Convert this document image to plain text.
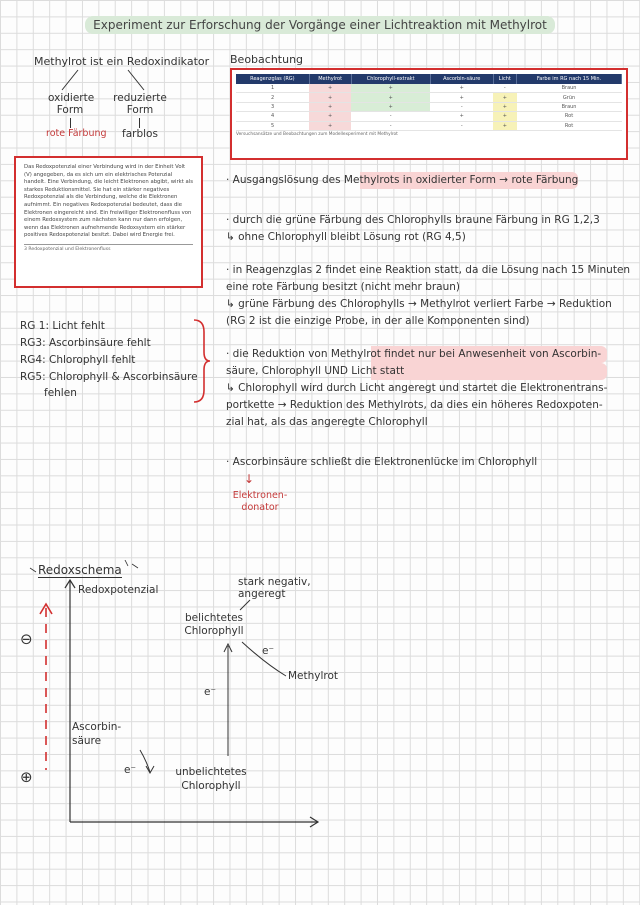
Experiment zur Erforschung der Vorgänge einer Lichtreaktion mit Methylrot
Methylrot ist ein Redoxindikator
oxidierte Form
reduzierte Form
rote Färbung farblos
Das Redoxpotenzial einer Verbindung wird in der Einheit Volt (V) angegeben, da es sich um ein elektrisches Potenzial handelt. Eine Verbindung, die leicht Elektronen abgibt, wirkt als starkes Reduktionsmittel. Sie hat ein stärker negatives Redoxpotenzial als die Verbindung, welche die Elektronen aufnimmt. Ein negatives Redoxpotenzial bedeutet, dass die Elektronen eingereicht sind. Ein freiwilliger Elektronenfluss von einem Redoxsystem zum nächsten kann nur dann erfolgen, wenn das Elektronen aufnehmende Redoxsystem ein stärker positives Redoxpotenzial besitzt. Dabei wird Energie frei.
3 Redoxpotenzial und Elektronenfluss
RG 1: Licht fehlt
RG3: Ascorbinsäure fehlt
RG4: Chlorophyll fehlt
RG5: Chlorophyll & Ascorbinsäure
fehlen
Beobachtung
Reagenzglas (RG)	Methylrot	Chlorophyll-extrakt	Ascorbin-säure	Licht	Farbe im RG nach 15 Min.
1	+	+	+	-	Braun
2	+	+	+	+	Grün
3	+	+	-	+	Braun
4	+	-	+	+	Rot
5	+	-	-	+	Rot
Versuchsansätze und Beobachtungen zum Modellexperiment mit Methylrot
· Ausgangslösung des Methylrots in oxidierter Form → rote Färbung
· durch die grüne Färbung des Chlorophylls braune Färbung in RG 1,2,3
↳ ohne Chlorophyll bleibt Lösung rot (RG 4,5)
· in Reagenzglas 2 findet eine Reaktion statt, da die Lösung nach 15 Minuten
eine rote Färbung besitzt (nicht mehr braun)
↳ grüne Färbung des Chlorophylls → Methylrot verliert Farbe → Reduktion
(RG 2 ist die einzige Probe, in der alle Komponenten sind)
· die Reduktion von Methylrot findet nur bei Anwesenheit von Ascorbin-
säure, Chlorophyll UND Licht statt
↳ Chlorophyll wird durch Licht angeregt und startet die Elektronentrans-
portkette → Reduktion des Methylrots, da dies ein höheres Redoxpoten-
zial hat, als das angeregte Chlorophyll
· Ascorbinsäure schließt die Elektronenlücke im Chlorophyll
↓
Elektronen-donator
Redoxschema
Redoxpotenzial
⊖
⊕
stark negativ, angeregt
belichtetes Chlorophyll
e⁻
Methylrot
e⁻
Ascorbin-säure
e⁻	unbelichtetes Chlorophyll
